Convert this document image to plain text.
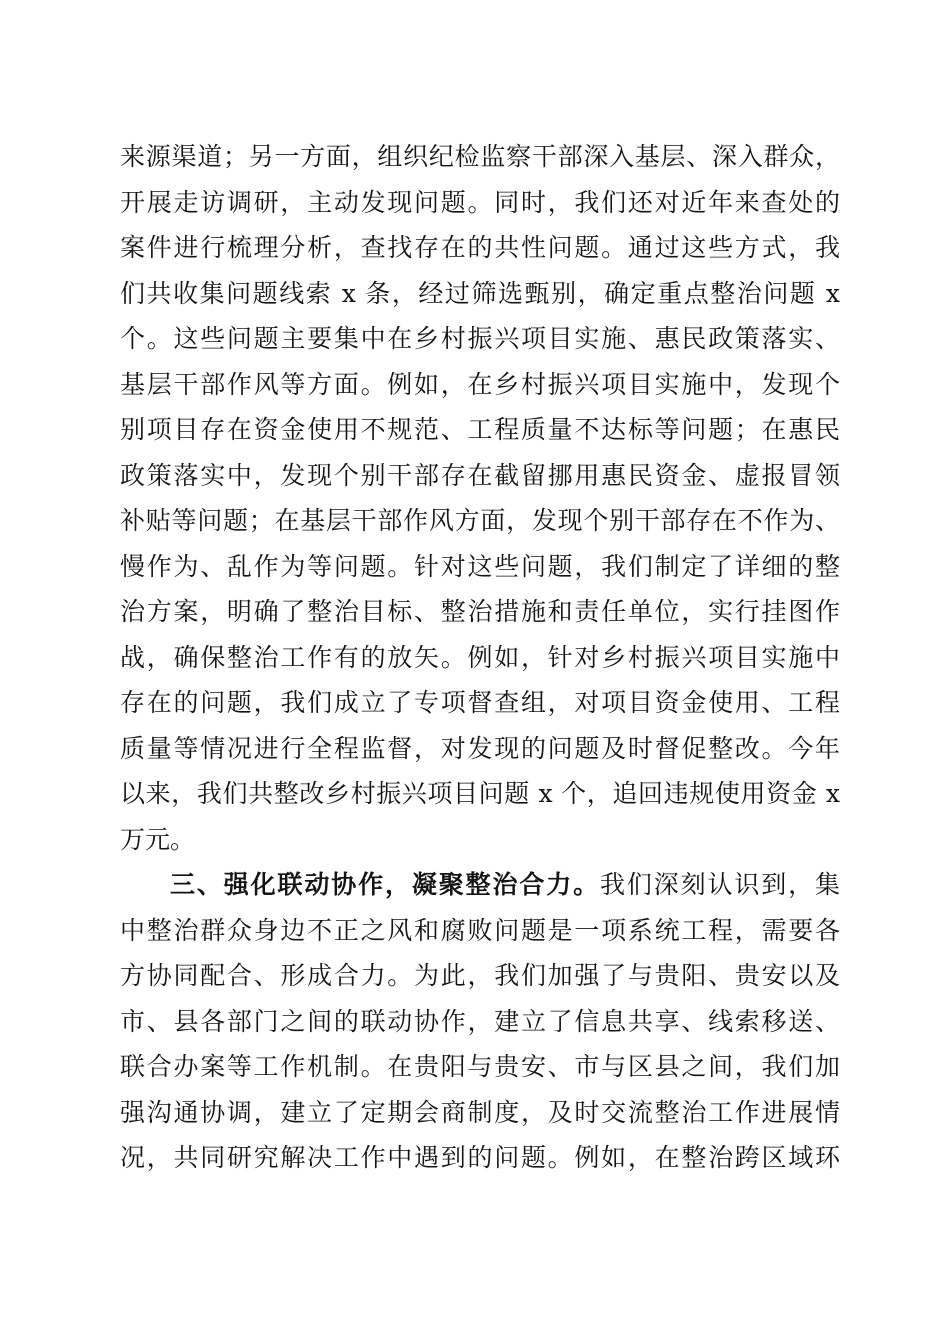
来源渠道；另一方面，组织纪检监察干部深入基层、深入群众，
开展走访调研，主动发现问题。同时，我们还对近年来查处的
案件进行梳理分析，查找存在的共性问题。通过这些方式，我
们共收集问题线索 x 条，经过筛选甄别，确定重点整治问题 x
个。这些问题主要集中在乡村振兴项目实施、惠民政策落实、
基层干部作风等方面。例如，在乡村振兴项目实施中，发现个
别项目存在资金使用不规范、工程质量不达标等问题；在惠民
政策落实中，发现个别干部存在截留挪用惠民资金、虚报冒领
补贴等问题；在基层干部作风方面，发现个别干部存在不作为、
慢作为、乱作为等问题。针对这些问题，我们制定了详细的整
治方案，明确了整治目标、整治措施和责任单位，实行挂图作
战，确保整治工作有的放矢。例如，针对乡村振兴项目实施中
存在的问题，我们成立了专项督查组，对项目资金使用、工程
质量等情况进行全程监督，对发现的问题及时督促整改。今年
以来，我们共整改乡村振兴项目问题 x 个，追回违规使用资金 x
万元。
三、强化联动协作，凝聚整治合力。我们深刻认识到，集
中整治群众身边不正之风和腐败问题是一项系统工程，需要各
方协同配合、形成合力。为此，我们加强了与贵阳、贵安以及
市、县各部门之间的联动协作，建立了信息共享、线索移送、
联合办案等工作机制。在贵阳与贵安、市与区县之间，我们加
强沟通协调，建立了定期会商制度，及时交流整治工作进展情
况，共同研究解决工作中遇到的问题。例如，在整治跨区域环
